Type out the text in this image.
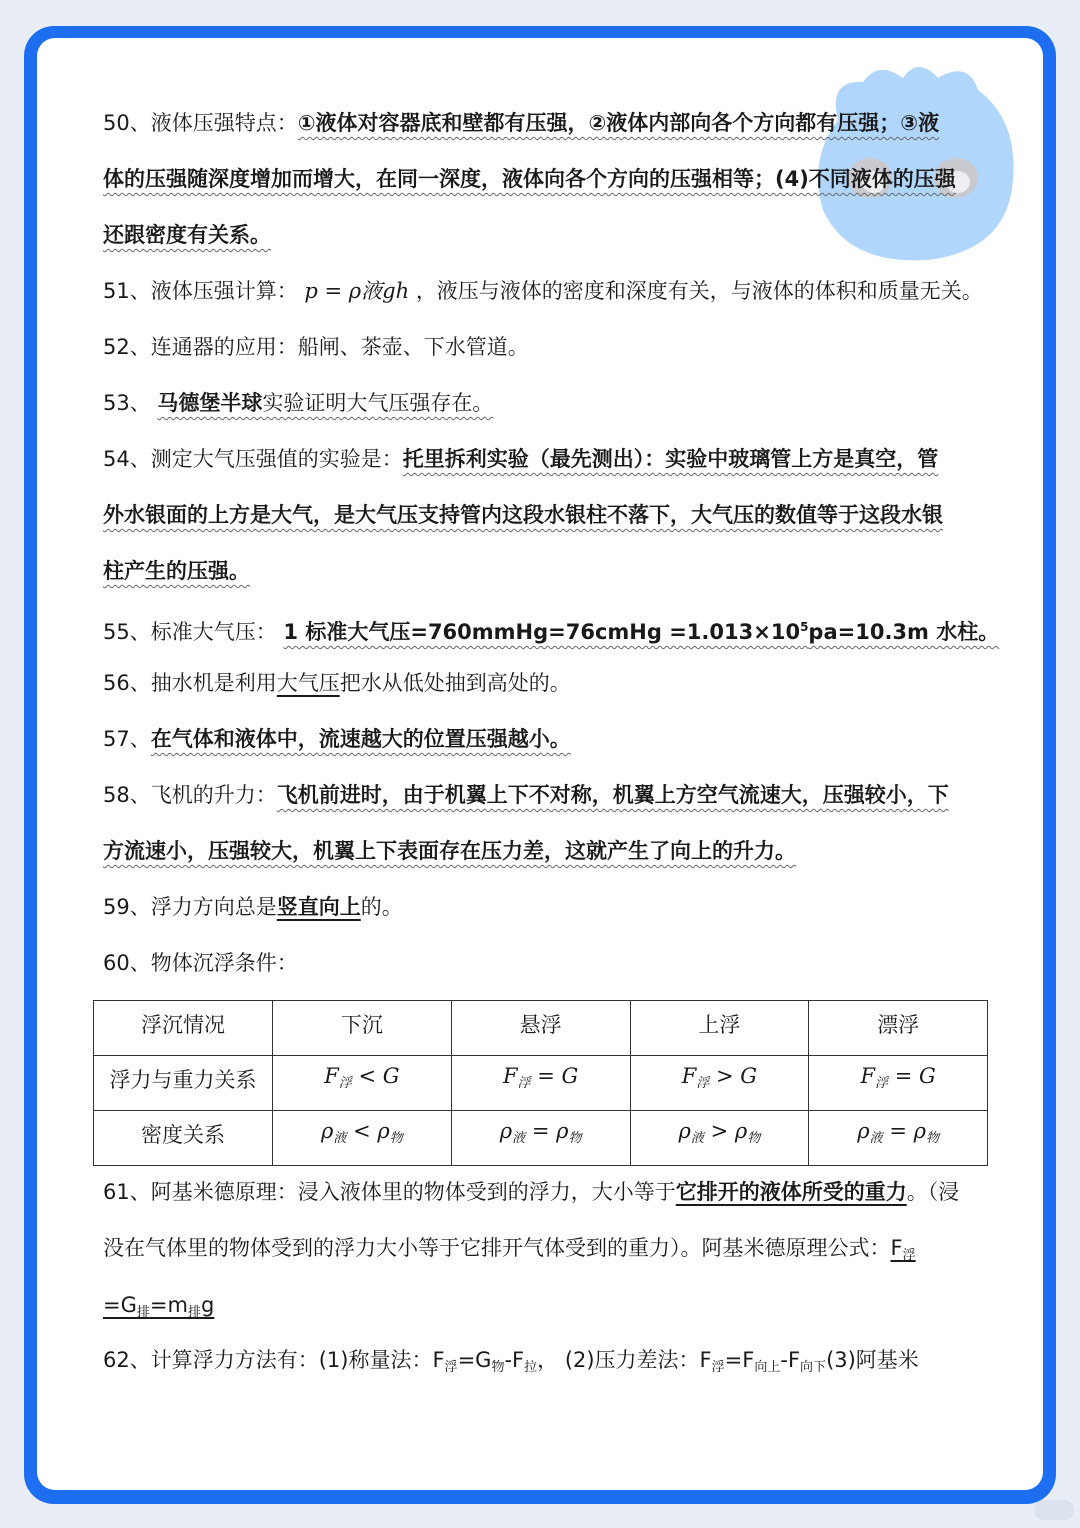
50、液体压强特点：①液体对容器底和壁都有压强，②液体内部向各个方向都有压强；③液
体的压强随深度增加而增大，在同一深度，液体向各个方向的压强相等；(4)不同液体的压强
还跟密度有关系。
51、液体压强计算： p = ρ液gh ，液压与液体的密度和深度有关，与液体的体积和质量无关。
52、连通器的应用：船闸、茶壶、下水管道。
53、 马德堡半球实验证明大气压强存在。
54、测定大气压强值的实验是：托里拆利实验（最先测出）：实验中玻璃管上方是真空，管
外水银面的上方是大气，是大气压支持管内这段水银柱不落下，大气压的数值等于这段水银
柱产生的压强。
55、标准大气压： 1 标准大气压=760mmHg=76cmHg $=1.013\times 10^5pa=10.3m$ 水柱。
56、抽水机是利用大气压把水从低处抽到高处的。
57、在气体和液体中，流速越大的位置压强越小。
58、飞机的升力：飞机前进时，由于机翼上下不对称，机翼上方空气流速大，压强较小，下
方流速小，压强较大，机翼上下表面存在压力差，这就产生了向上的升力。
59、浮力方向总是竖直向上的。
60、物体沉浮条件：
浮沉情况	下沉	悬浮	上浮	漂浮
浮力与重力关系	$F_浮 < G$	$F_浮 = G$	$F_浮 > G$	$F_浮 = G$
密度关系	$\rho_液 < \rho_物$	$\rho_液 = \rho_物$	$\rho_液 > \rho_物$	$\rho_液 = \rho_物$
61、阿基米德原理：浸入液体里的物体受到的浮力，大小等于它排开的液体所受的重力。（浸
没在气体里的物体受到的浮力大小等于它排开气体受到的重力）。阿基米德原理公式：$F_浮$
$=G_排=m_排g$
62、计算浮力方法有：(1)称量法：$F_浮=G_物-F_拉$， (2)压力差法：$F_浮=F_{向上}-F_{向下}(3)$阿基米
